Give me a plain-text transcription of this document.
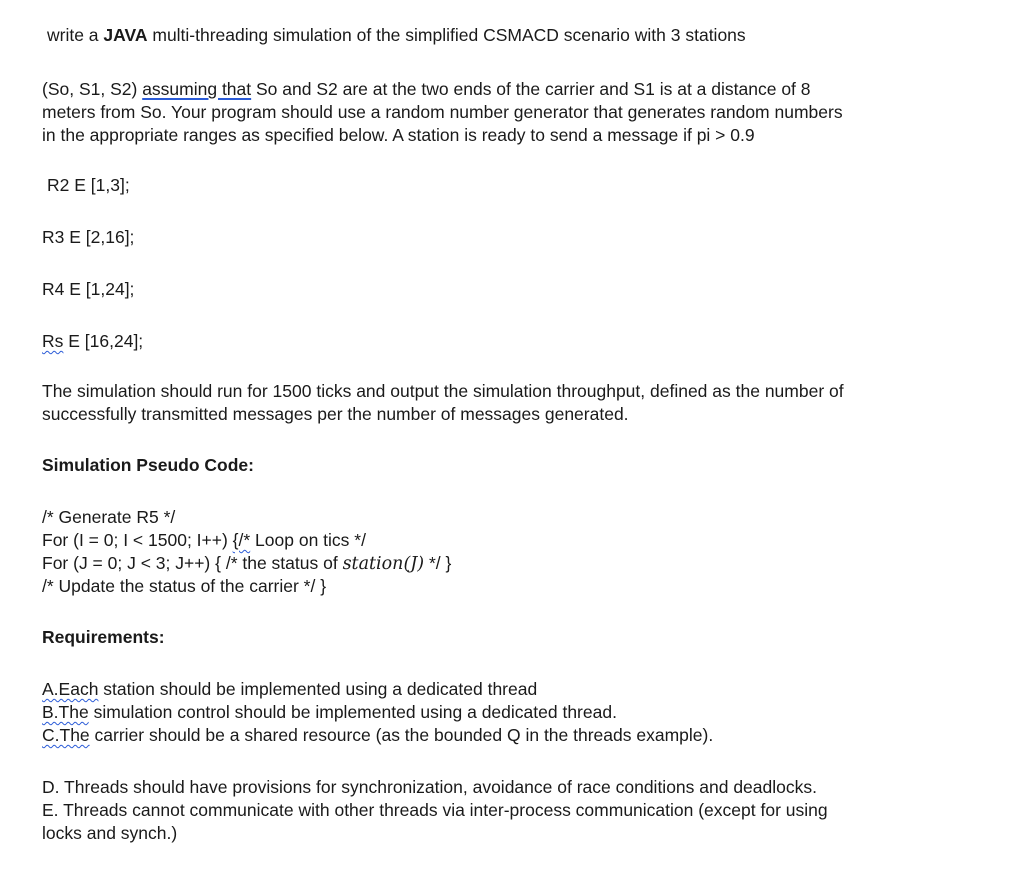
write a JAVA multi-threading simulation of the simplified CSMACD scenario with 3 stations
(So, S1, S2) assuming that So and S2 are at the two ends of the carrier and S1 is at a distance of 8
meters from So. Your program should use a random number generator that generates random numbers
in the appropriate ranges as specified below. A station is ready to send a message if pi > 0.9
R2 E [1,3];
R3 E [2,16];
R4 E [1,24];
Rs E [16,24];
The simulation should run for 1500 ticks and output the simulation throughput, defined as the number of
successfully transmitted messages per the number of messages generated.
Simulation Pseudo Code:
/* Generate R5 */
For (I = 0; I < 1500; I++) {/* Loop on tics */
For (J = 0; J < 3; J++) { /* the status of station(J) */ }
/* Update the status of the carrier */ }
Requirements:
A.Each station should be implemented using a dedicated thread
B.The simulation control should be implemented using a dedicated thread.
C.The carrier should be a shared resource (as the bounded Q in the threads example).
D. Threads should have provisions for synchronization, avoidance of race conditions and deadlocks.
E. Threads cannot communicate with other threads via inter-process communication (except for using
locks and synch.)
